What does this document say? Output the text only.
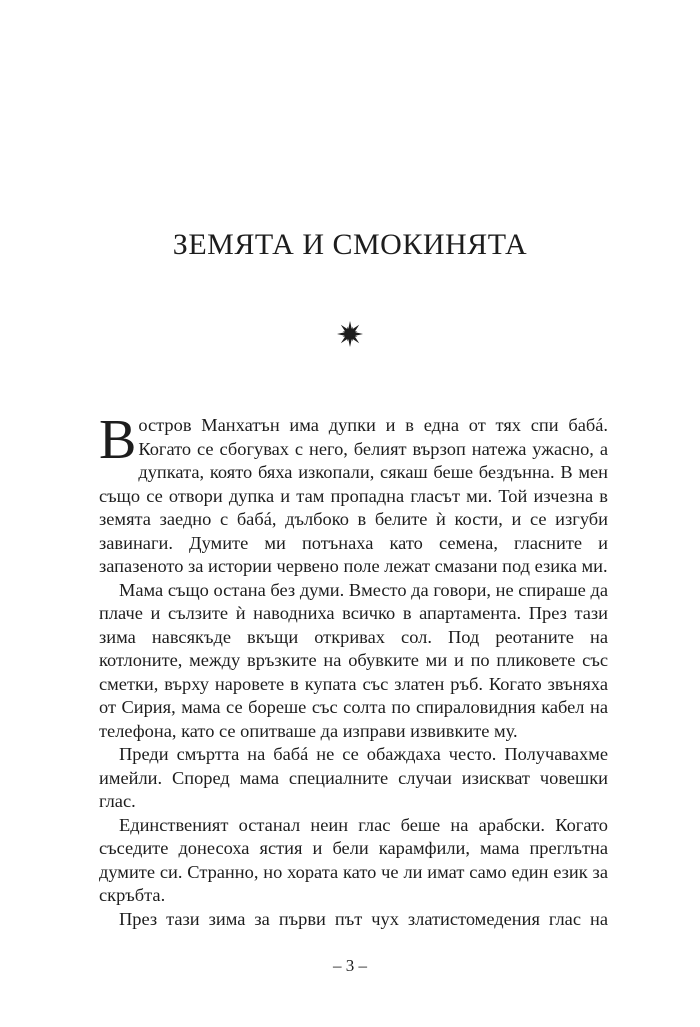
ЗЕМЯТА И СМОКИНЯТА

В остров Манхатън има дупки и в една от тях спи бабá. Когато се сбогувах с него, белият вързоп натежа ужасно, а дупката, която бяха изкопали, сякаш беше бездънна. В мен също се отвори дупка и там пропадна гласът ми. Той изчезна в земята заедно с бабá, дълбоко в белите ѝ кости, и се изгуби завинаги. Думите ми потънаха като семена, гласните и запазеното за истории червено поле лежат смазани под езика ми.

Мама също остана без думи. Вместо да говори, не спираше да плаче и сълзите ѝ наводниха всичко в апартамента. През тази зима навсякъде вкъщи откривах сол. Под реотаните на котлоните, между връзките на обувките ми и по пликовете със сметки, върху наровете в купата със златен ръб. Когато звъняха от Сирия, мама се бореше със солта по спираловидния кабел на телефона, като се опитваше да изправи извивките му.

Преди смъртта на бабá не се обаждаха често. Получавахме имейли. Според мама специалните случаи изискват човешки глас.

Единственият останал неин глас беше на арабски. Когато съседите донесоха ястия и бели карамфили, мама преглътна думите си. Странно, но хората като че ли имат само един език за скръбта.

През тази зима за първи път чух златистомедения глас на

– 3 –
